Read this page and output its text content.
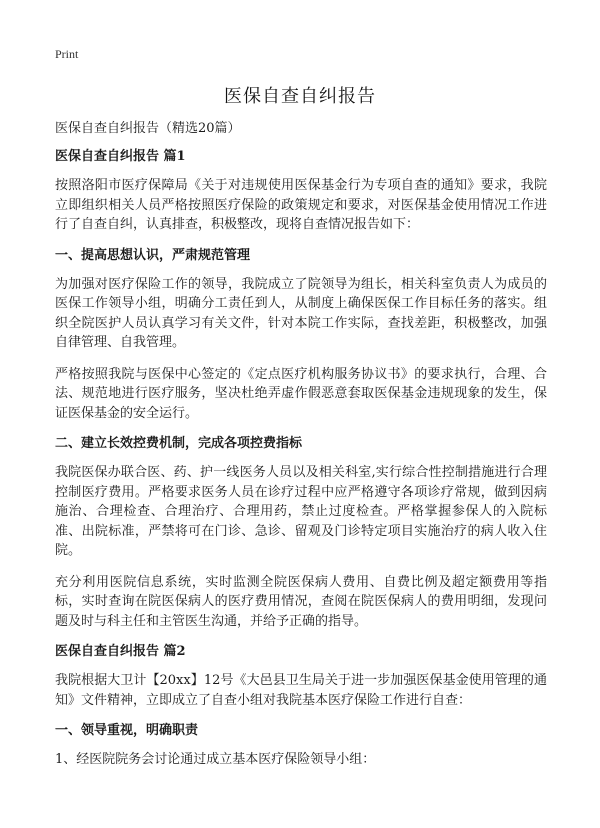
Print
医保自查自纠报告
医保自查自纠报告（精选20篇）
医保自查自纠报告 篇1

按照洛阳市医疗保障局《关于对违规使用医保基金行为专项自查的通知》要求，我院立即组织相关人员严格按照医疗保险的政策规定和要求，对医保基金使用情况工作进行了自查自纠，认真排查，积极整改，现将自查情况报告如下：

一、提高思想认识，严肃规范管理

为加强对医疗保险工作的领导，我院成立了院领导为组长，相关科室负责人为成员的医保工作领导小组，明确分工责任到人，从制度上确保医保工作目标任务的落实。组织全院医护人员认真学习有关文件，针对本院工作实际，查找差距，积极整改，加强自律管理、自我管理。

严格按照我院与医保中心签定的《定点医疗机构服务协议书》的要求执行，合理、合法、规范地进行医疗服务，坚决杜绝弄虚作假恶意套取医保基金违规现象的发生，保证医保基金的安全运行。

二、建立长效控费机制，完成各项控费指标

我院医保办联合医、药、护一线医务人员以及相关科室,实行综合性控制措施进行合理控制医疗费用。严格要求医务人员在诊疗过程中应严格遵守各项诊疗常规，做到因病施治、合理检查、合理治疗、合理用药，禁止过度检查。严格掌握参保人的入院标准、出院标准，严禁将可在门诊、急诊、留观及门诊特定项目实施治疗的病人收入住院。

充分利用医院信息系统，实时监测全院医保病人费用、自费比例及超定额费用等指标，实时查询在院医保病人的医疗费用情况，查阅在院医保病人的费用明细，发现问题及时与科主任和主管医生沟通，并给予正确的指导。

医保自查自纠报告 篇2

我院根据大卫计【20xx】12号《大邑县卫生局关于进一步加强医保基金使用管理的通知》文件精神，立即成立了自查小组对我院基本医疗保险工作进行自查：

一、领导重视，明确职责

1、经医院院务会讨论通过成立基本医疗保险领导小组：
